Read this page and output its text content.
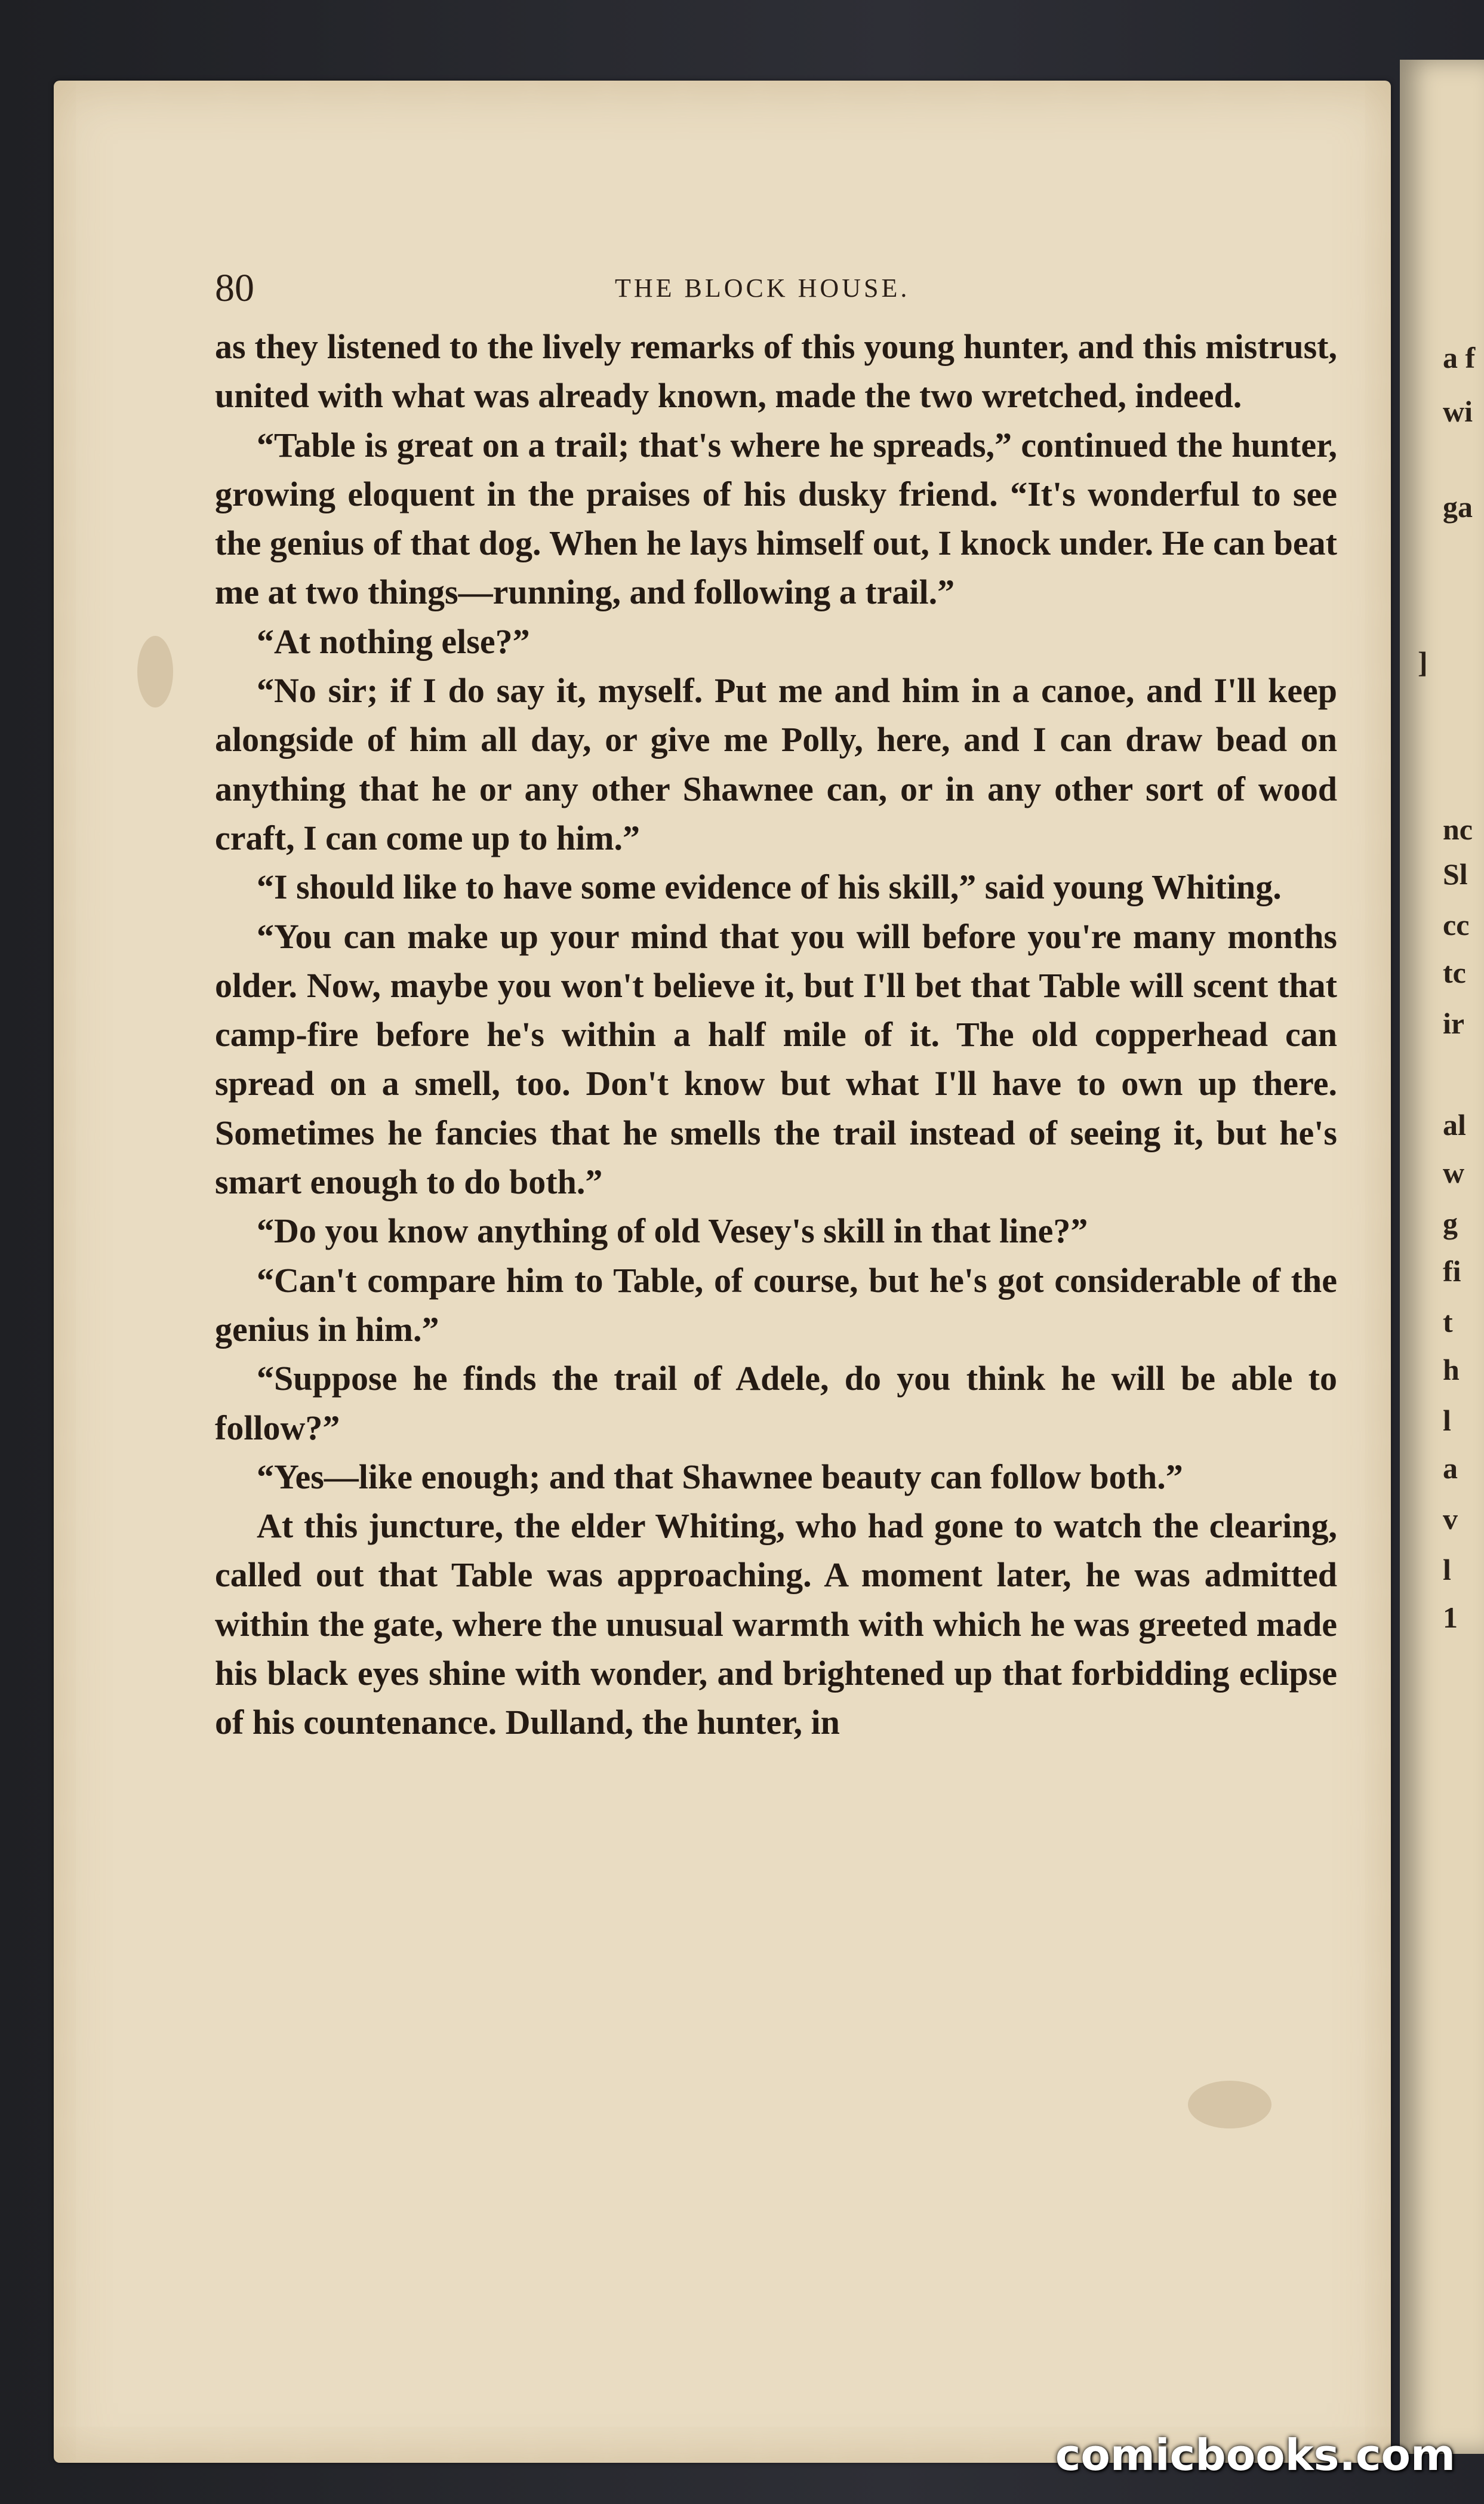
a f
wi
ga
]
nc
Sl
cc
tc
ir
al
w
g
fi
t
h
l
a
v
l
1
80	THE BLOCK HOUSE.

as they listened to the lively remarks of this young hunter, and this mistrust, united with what was already known, made the two wretched, indeed.

“Table is great on a trail; that's where he spreads,” continued the hunter, growing eloquent in the praises of his dusky friend. “It's wonderful to see the genius of that dog. When he lays himself out, I knock under. He can beat me at two things—running, and following a trail.”

“At nothing else?”

“No sir; if I do say it, myself. Put me and him in a canoe, and I'll keep alongside of him all day, or give me Polly, here, and I can draw bead on anything that he or any other Shawnee can, or in any other sort of wood craft, I can come up to him.”

“I should like to have some evidence of his skill,” said young Whiting.

“You can make up your mind that you will before you're many months older. Now, maybe you won't believe it, but I'll bet that Table will scent that camp-fire before he's within a half mile of it. The old copperhead can spread on a smell, too. Don't know but what I'll have to own up there. Sometimes he fancies that he smells the trail instead of seeing it, but he's smart enough to do both.”

“Do you know anything of old Vesey's skill in that line?”

“Can't compare him to Table, of course, but he's got considerable of the genius in him.”

“Suppose he finds the trail of Adele, do you think he will be able to follow?”

“Yes—like enough; and that Shawnee beauty can follow both.”

At this juncture, the elder Whiting, who had gone to watch the clearing, called out that Table was approaching. A moment later, he was admitted within the gate, where the unusual warmth with which he was greeted made his black eyes shine with wonder, and brightened up that forbidding eclipse of his countenance. Dulland, the hunter, in

comicbooks.com
